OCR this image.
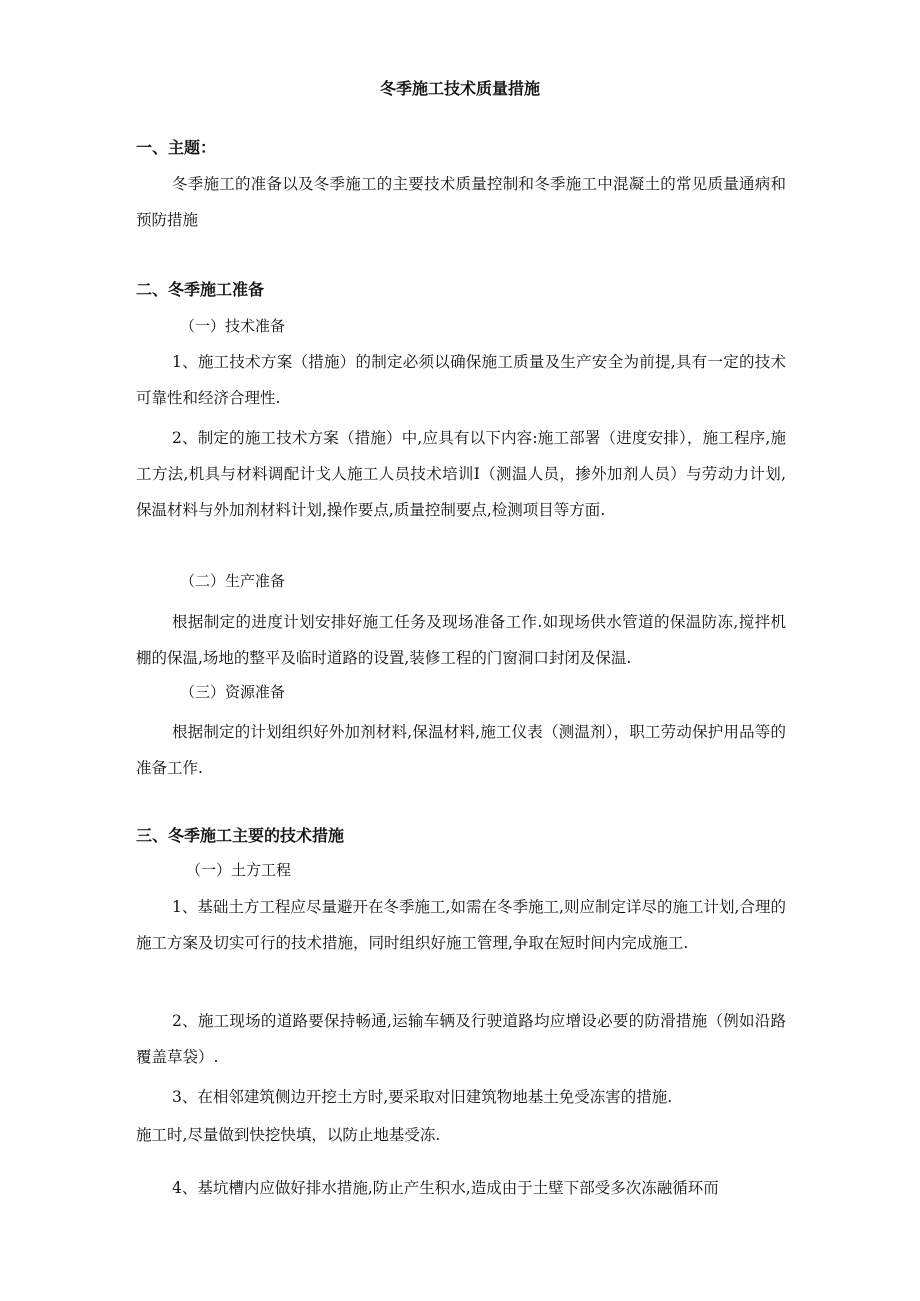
冬季施工技术质量措施
一、主题：
冬季施工的准备以及冬季施工的主要技术质量控制和冬季施工中混凝土的常见质量通病和预防措施
二、冬季施工准备
（一）技术准备
1、施工技术方案（措施）的制定必须以确保施工质量及生产安全为前提,具有一定的技术可靠性和经济合理性.
2、制定的施工技术方案（措施）中,应具有以下内容:施工部署（进度安排），施工程序,施工方法,机具与材料调配计戈人施工人员技术培训Ⅰ（测温人员，掺外加剂人员）与劳动力计划,保温材料与外加剂材料计划,操作要点,质量控制要点,检测项目等方面.
（二）生产准备
根据制定的进度计划安排好施工任务及现场准备工作.如现场供水管道的保温防冻,搅拌机棚的保温,场地的整平及临时道路的设置,装修工程的门窗洞口封闭及保温.
（三）资源准备
根据制定的计划组织好外加剂材料,保温材料,施工仪表（测温剂），职工劳动保护用品等的准备工作.
三、冬季施工主要的技术措施
（一）土方工程
1、基础土方工程应尽量避开在冬季施工,如需在冬季施工,则应制定详尽的施工计划,合理的施工方案及切实可行的技术措施，同时组织好施工管理,争取在短时间内完成施工.
2、施工现场的道路要保持畅通,运输车辆及行驶道路均应增设必要的防滑措施（例如沿路覆盖草袋）.
3、在相邻建筑侧边开挖土方时,要采取对旧建筑物地基土免受冻害的措施.
施工时,尽量做到快挖快填，以防止地基受冻.
4、基坑槽内应做好排水措施,防止产生积水,造成由于土壁下部受多次冻融循环而
